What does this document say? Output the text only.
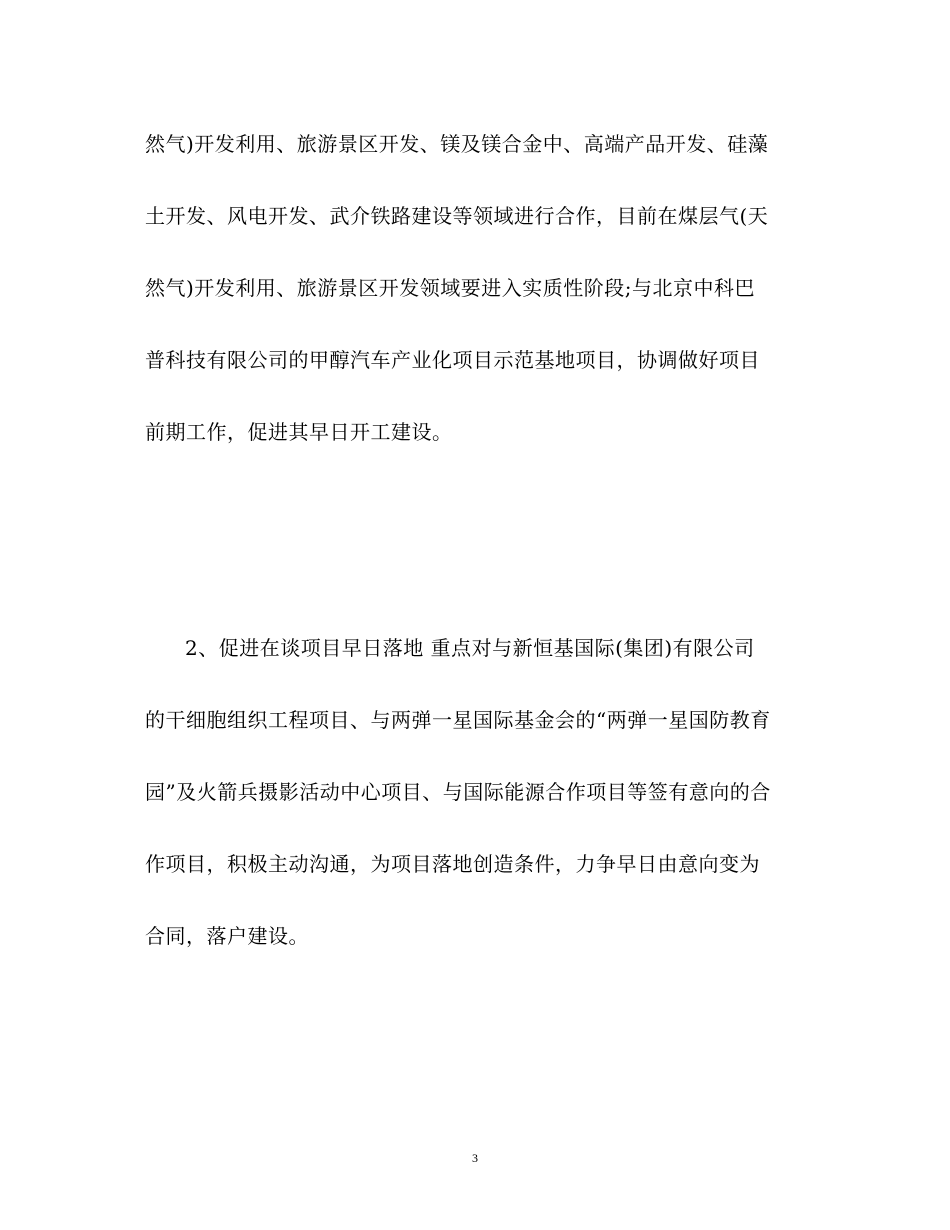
然气)开发利用、旅游景区开发、镁及镁合金中、高端产品开发、硅藻
土开发、风电开发、武介铁路建设等领域进行合作，目前在煤层气(天
然气)开发利用、旅游景区开发领域要进入实质性阶段;与北京中科巴
普科技有限公司的甲醇汽车产业化项目示范基地项目，协调做好项目
前期工作，促进其早日开工建设。
2、促进在谈项目早日落地 重点对与新恒基国际(集团)有限公司
的干细胞组织工程项目、与两弹一星国际基金会的“两弹一星国防教育
园”及火箭兵摄影活动中心项目、与国际能源合作项目等签有意向的合
作项目，积极主动沟通，为项目落地创造条件，力争早日由意向变为
合同，落户建设。
3
